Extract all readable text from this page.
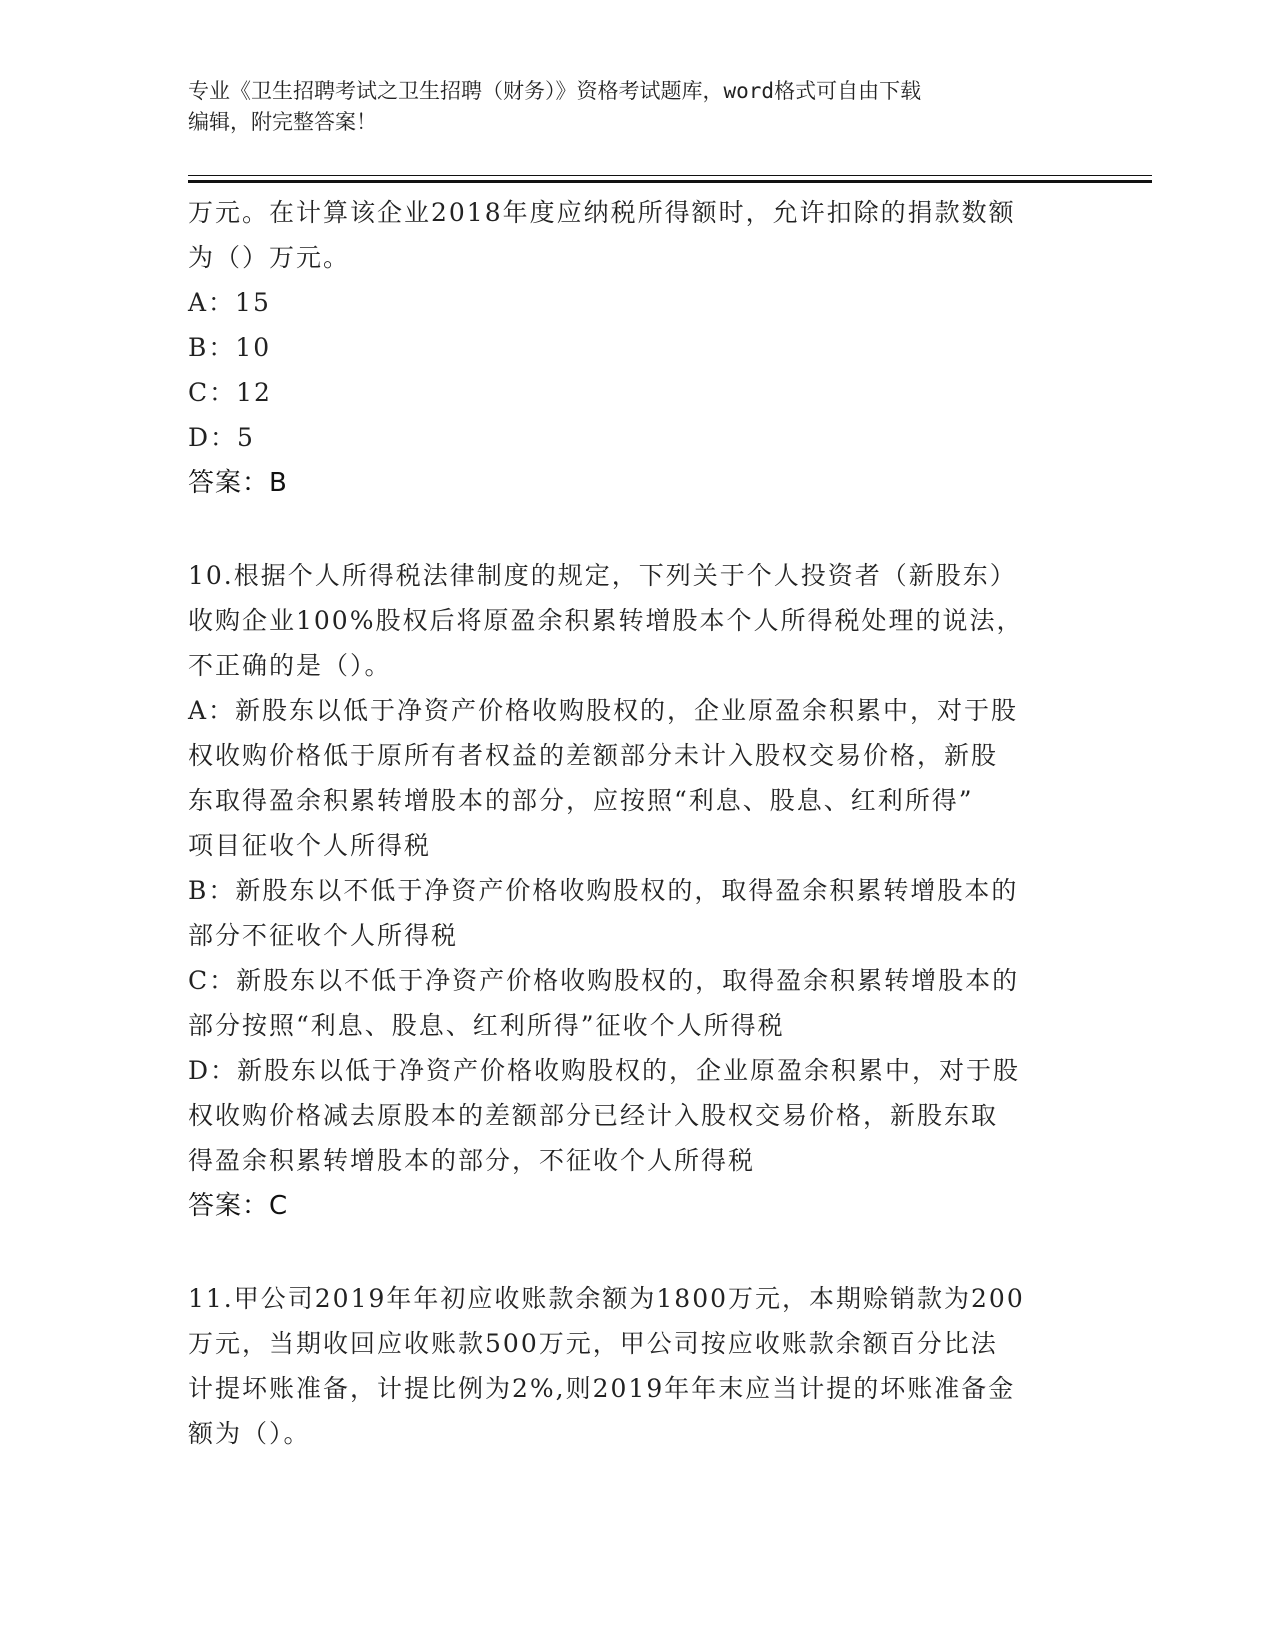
专业《卫生招聘考试之卫生招聘（财务）》资格考试题库，word格式可自由下载
编辑，附完整答案！
万元。在计算该企业2018年度应纳税所得额时，允许扣除的捐款数额
为（）万元。
A：15
B：10
C：12
D：5
答案：B
10.根据个人所得税法律制度的规定，下列关于个人投资者（新股东）
收购企业100%股权后将原盈余积累转增股本个人所得税处理的说法，
不正确的是（）。
A：新股东以低于净资产价格收购股权的，企业原盈余积累中，对于股
权收购价格低于原所有者权益的差额部分未计入股权交易价格，新股
东取得盈余积累转增股本的部分，应按照“利息、股息、红利所得”
项目征收个人所得税
B：新股东以不低于净资产价格收购股权的，取得盈余积累转增股本的
部分不征收个人所得税
C：新股东以不低于净资产价格收购股权的，取得盈余积累转增股本的
部分按照“利息、股息、红利所得”征收个人所得税
D：新股东以低于净资产价格收购股权的，企业原盈余积累中，对于股
权收购价格减去原股本的差额部分已经计入股权交易价格，新股东取
得盈余积累转增股本的部分，不征收个人所得税
答案：C
11.甲公司2019年年初应收账款余额为1800万元，本期赊销款为200
万元，当期收回应收账款500万元，甲公司按应收账款余额百分比法
计提坏账准备，计提比例为2%,则2019年年末应当计提的坏账准备金
额为（）。
